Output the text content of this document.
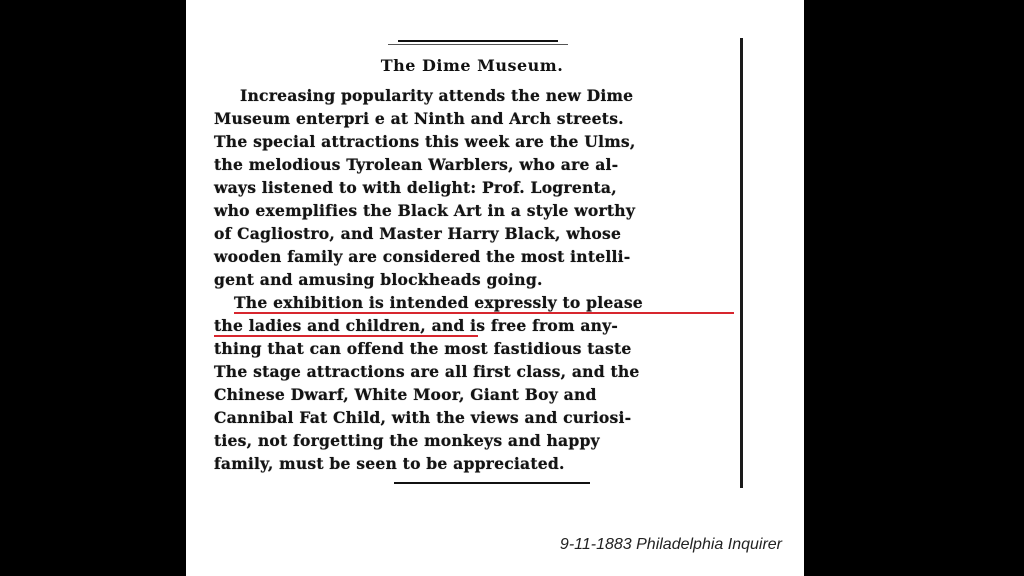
The Dime Museum.
Increasing popularity attends the new Dime
Museum enterpri e at Ninth and Arch streets.
The special attractions this week are the Ulms,
the melodious Tyrolean Warblers, who are al-
ways listened to with delight: Prof. Logrenta,
who exemplifies the Black Art in a style worthy
of Cagliostro, and Master Harry Black, whose
wooden family are considered the most intelli-
gent and amusing blockheads going.
The exhibition is intended expressly to please
the ladies and children, and is free from any-
thing that can offend the most fastidious taste
The stage attractions are all first class, and the
Chinese Dwarf, White Moor, Giant Boy and
Cannibal Fat Child, with the views and curiosi-
ties, not forgetting the monkeys and happy
family, must be seen to be appreciated.
9-11-1883 Philadelphia Inquirer
